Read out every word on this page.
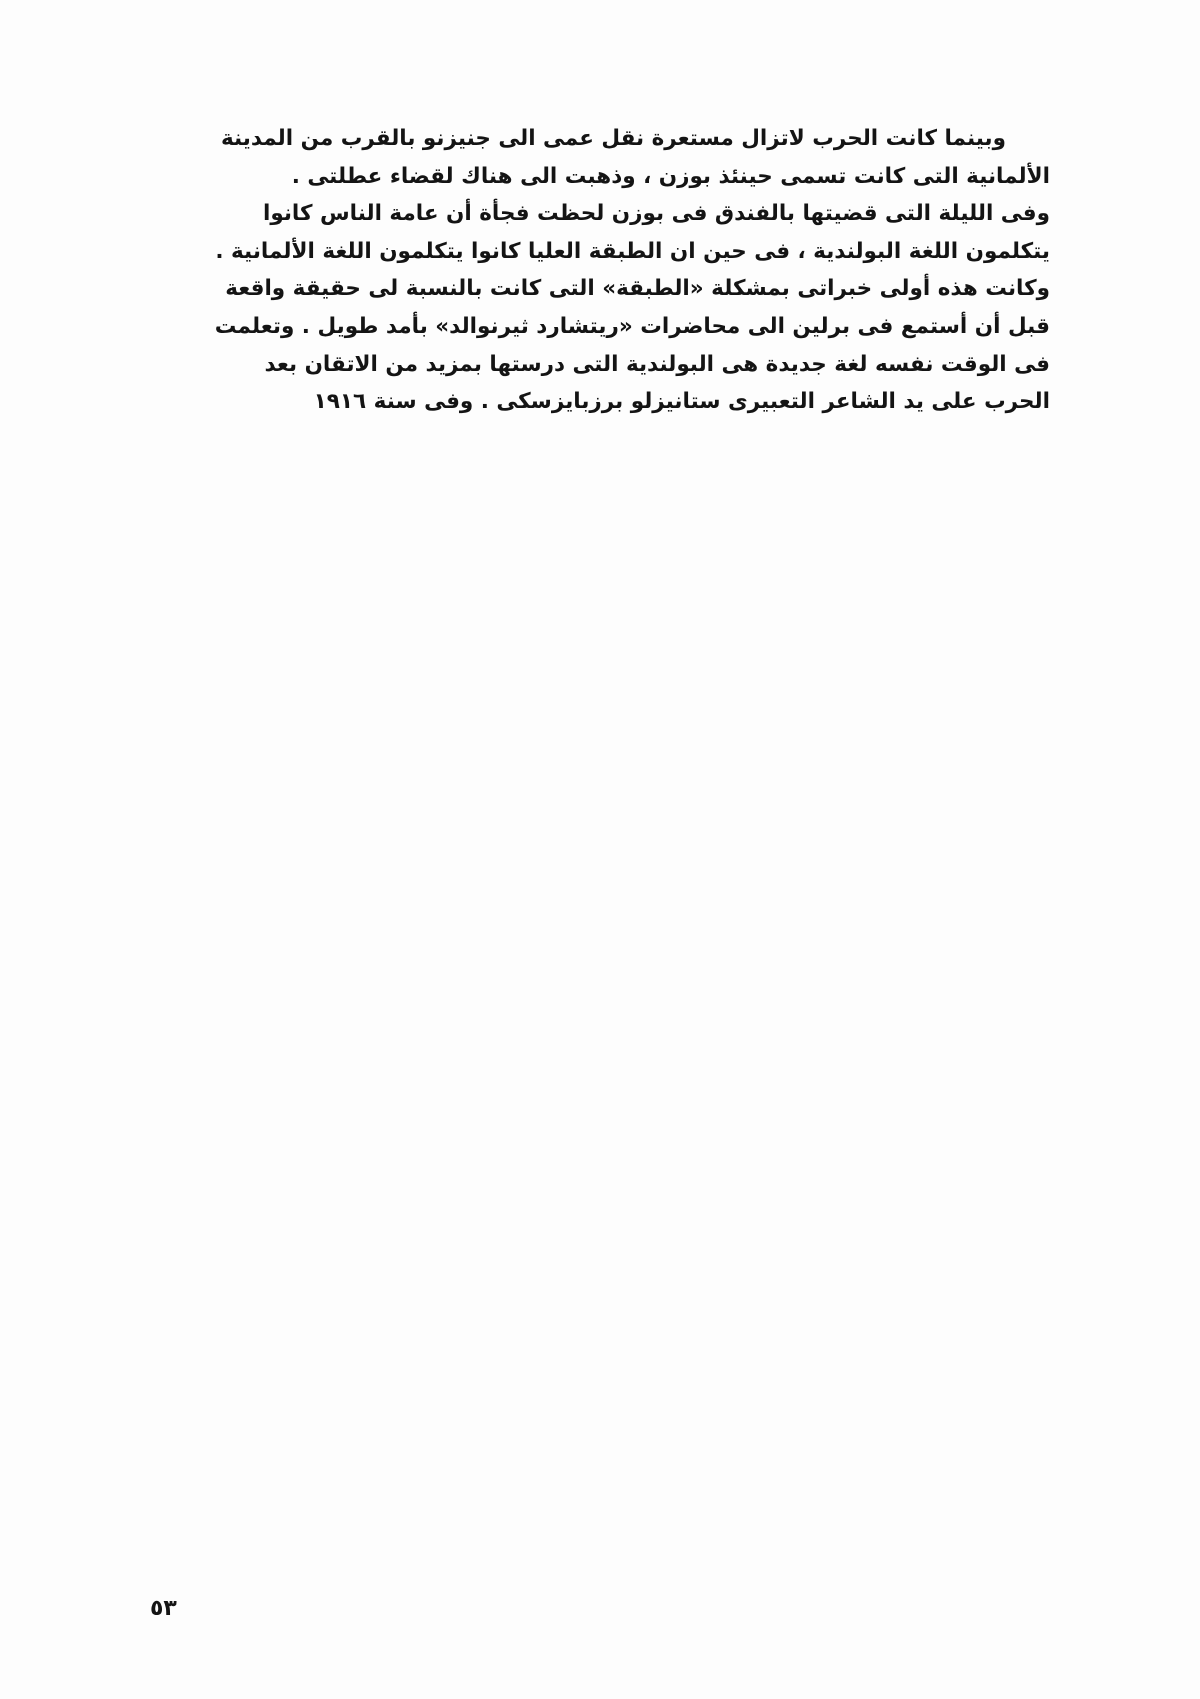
وبينما كانت الحرب لاتزال مستعرة نقل عمى الى جنيزنو بالقرب من المدينة
الألمانية التى كانت تسمى حينئذ بوزن ، وذهبت الى هناك لقضاء عطلتى .
وفى الليلة التى قضيتها بالفندق فى بوزن لحظت فجأة أن عامة الناس كانوا
يتكلمون اللغة البولندية ، فى حين ان الطبقة العليا كانوا يتكلمون اللغة الألمانية .
وكانت هذه أولى خبراتى بمشكلة «الطبقة» التى كانت بالنسبة لى حقيقة واقعة
قبل أن أستمع فى برلين الى محاضرات «ريتشارد ثيرنوالد» بأمد طويل . وتعلمت
فى الوقت نفسه لغة جديدة هى البولندية التى درستها بمزيد من الاتقان بعد
الحرب على يد الشاعر التعبيرى ستانيزلو برزبايزسكى . وفى سنة ١٩١٦
٥٣
